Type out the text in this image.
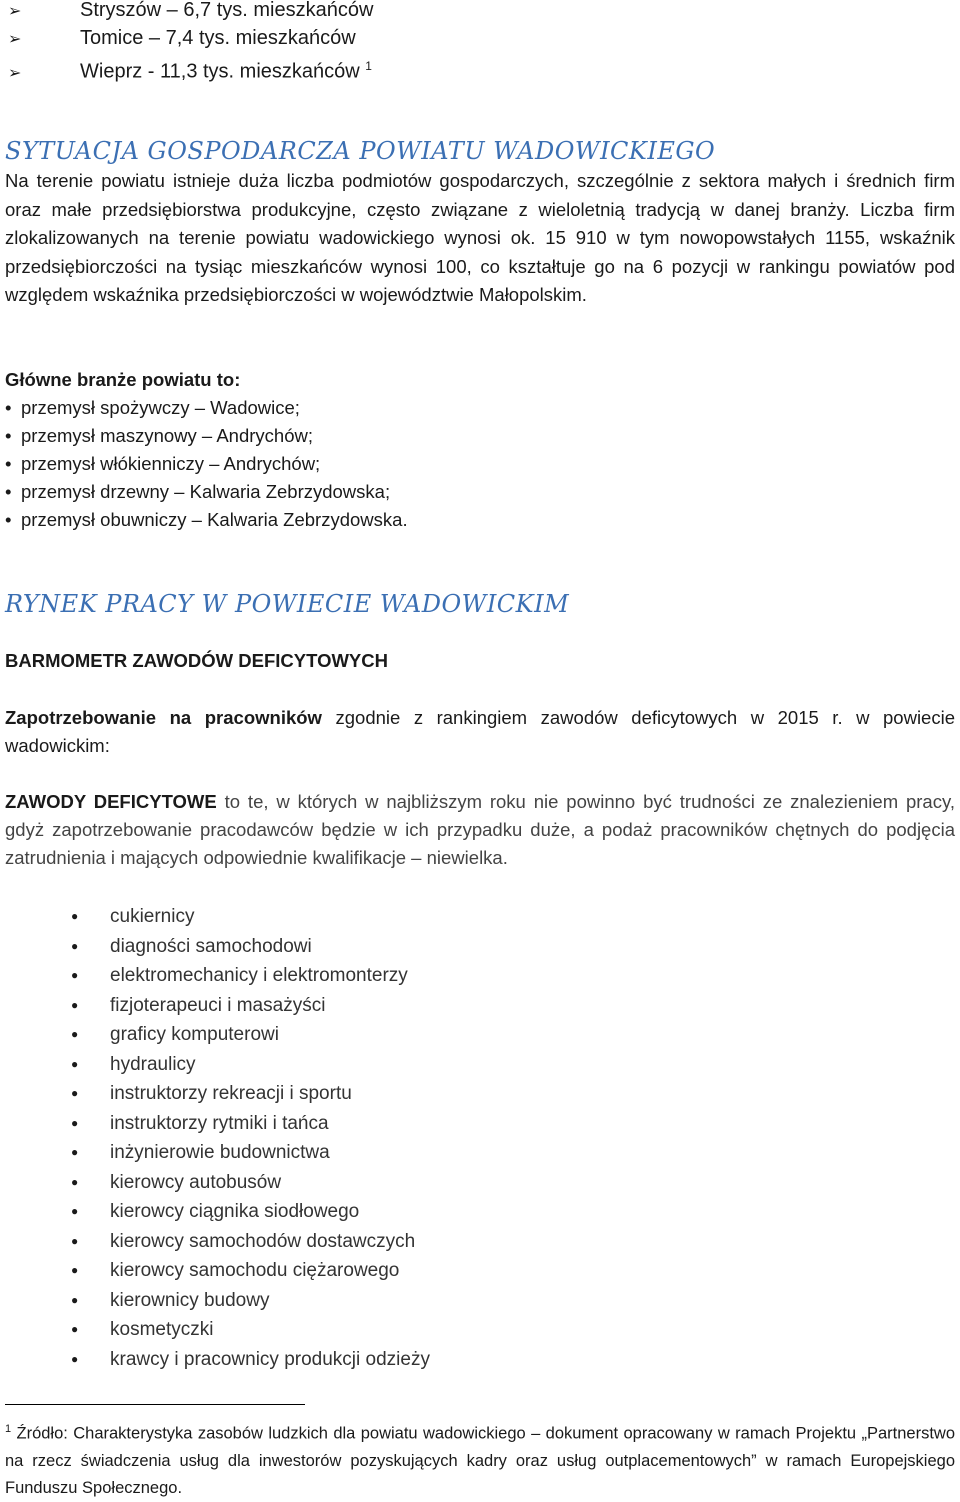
➢	Stryszów – 6,7 tys. mieszkańców
➢	Tomice – 7,4 tys. mieszkańców
➢	Wieprz - 11,3 tys. mieszkańców $^1$
SYTUACJA GOSPODARCZA POWIATU WADOWICKIEGO
Na terenie powiatu istnieje duża liczba podmiotów gospodarczych, szczególnie z sektora małych i średnich firm oraz małe przedsiębiorstwa produkcyjne, często związane z wieloletnią tradycją w danej branży. Liczba firm zlokalizowanych na terenie powiatu wadowickiego wynosi ok. 15 910 w tym nowopowstałych 1155, wskaźnik przedsiębiorczości na tysiąc mieszkańców wynosi 100, co kształtuje go na 6 pozycji w rankingu powiatów pod względem wskaźnika przedsiębiorczości w województwie Małopolskim.
Główne branże powiatu to:
• przemysł spożywczy – Wadowice;
• przemysł maszynowy – Andrychów;
• przemysł włókienniczy – Andrychów;
• przemysł drzewny – Kalwaria Zebrzydowska;
• przemysł obuwniczy – Kalwaria Zebrzydowska.
RYNEK PRACY W POWIECIE WADOWICKIM
BARMOMETR ZAWODÓW DEFICYTOWYCH
Zapotrzebowanie na pracowników zgodnie z rankingiem zawodów deficytowych w 2015 r. w powiecie wadowickim:
ZAWODY DEFICYTOWE to te, w których w najbliższym roku nie powinno być trudności ze znalezieniem pracy, gdyż zapotrzebowanie pracodawców będzie w ich przypadku duże, a podaż pracowników chętnych do podjęcia zatrudnienia i mających odpowiednie kwalifikacje – niewielka.
● cukiernicy
● diagności samochodowi
● elektromechanicy i elektromonterzy
● fizjoterapeuci i masażyści
● graficy komputerowi
● hydraulicy
● instruktorzy rekreacji i sportu
● instruktorzy rytmiki i tańca
● inżynierowie budownictwa
● kierowcy autobusów
● kierowcy ciągnika siodłowego
● kierowcy samochodów dostawczych
● kierowcy samochodu ciężarowego
● kierownicy budowy
● kosmetyczki
● krawcy i pracownicy produkcji odzieży
$^1$ Źródło: Charakterystyka zasobów ludzkich dla powiatu wadowickiego – dokument opracowany w ramach Projektu „Partnerstwo na rzecz świadczenia usług dla inwestorów pozyskujących kadry oraz usług outplacementowych” w ramach Europejskiego Funduszu Społecznego.
